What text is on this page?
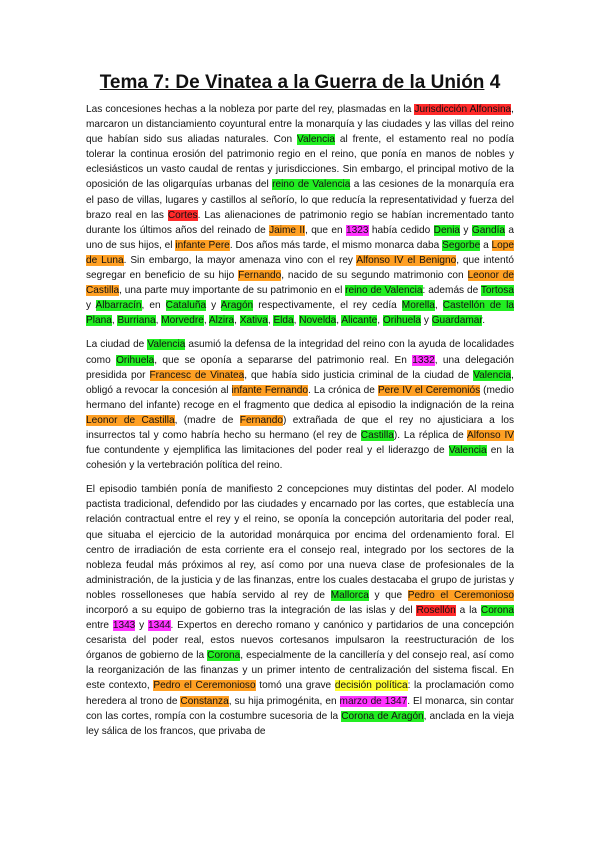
Tema 7: De Vinatea a la Guerra de la Unión 4

Las concesiones hechas a la nobleza por parte del rey, plasmadas en la Jurisdicción Alfonsina, marcaron un distanciamiento coyuntural entre la monarquía y las ciudades y las villas del reino que habían sido sus aliadas naturales. Con Valencia al frente, el estamento real no podía tolerar la continua erosión del patrimonio regio en el reino, que ponía en manos de nobles y eclesiásticos un vasto caudal de rentas y jurisdicciones. Sin embargo, el principal motivo de la oposición de las oligarquías urbanas del reino de Valencia a las cesiones de la monarquía era el paso de villas, lugares y castillos al señorío, lo que reducía la representatividad y fuerza del brazo real en las Cortes. Las alienaciones de patrimonio regio se habían incrementado tanto durante los últimos años del reinado de Jaime II, que en 1323 había cedido Denia y Gandía a uno de sus hijos, el infante Pere. Dos años más tarde, el mismo monarca daba Segorbe a Lope de Luna. Sin embargo, la mayor amenaza vino con el rey Alfonso IV el Benigno, que intentó segregar en beneficio de su hijo Fernando, nacido de su segundo matrimonio con Leonor de Castilla, una parte muy importante de su patrimonio en el reino de Valencia: además de Tortosa y Albarracín, en Cataluña y Aragón respectivamente, el rey cedía Morella, Castellón de la Plana, Burriana, Morvedre, Alzira, Xativa, Elda, Novelda, Alicante, Orihuela y Guardamar.

La ciudad de Valencia asumió la defensa de la integridad del reino con la ayuda de localidades como Orihuela, que se oponía a separarse del patrimonio real. En 1332, una delegación presidida por Francesc de Vinatea, que había sido justicia criminal de la ciudad de Valencia, obligó a revocar la concesión al infante Fernando. La crónica de Pere IV el Ceremoniós (medio hermano del infante) recoge en el fragmento que dedica al episodio la indignación de la reina Leonor de Castilla, (madre de Fernando) extrañada de que el rey no ajusticiara a los insurrectos tal y como habría hecho su hermano (el rey de Castilla). La réplica de Alfonso IV fue contundente y ejemplifica las limitaciones del poder real y el liderazgo de Valencia en la cohesión y la vertebración política del reino.

El episodio también ponía de manifiesto 2 concepciones muy distintas del poder. Al modelo pactista tradicional, defendido por las ciudades y encarnado por las cortes, que establecía una relación contractual entre el rey y el reino, se oponía la concepción autoritaria del poder real, que situaba el ejercicio de la autoridad monárquica por encima del ordenamiento foral. El centro de irradiación de esta corriente era el consejo real, integrado por los sectores de la nobleza feudal más próximos al rey, así como por una nueva clase de profesionales de la administración, de la justicia y de las finanzas, entre los cuales destacaba el grupo de juristas y nobles rosselloneses que había servido al rey de Mallorca y que Pedro el Ceremonioso incorporó a su equipo de gobierno tras la integración de las islas y del Rosellón a la Corona entre 1343 y 1344. Expertos en derecho romano y canónico y partidarios de una concepción cesarista del poder real, estos nuevos cortesanos impulsaron la reestructuración de los órganos de gobierno de la Corona, especialmente de la cancillería y del consejo real, así como la reorganización de las finanzas y un primer intento de centralización del sistema fiscal. En este contexto, Pedro el Ceremonioso tomó una grave decisión política: la proclamación como heredera al trono de Constanza, su hija primogénita, en marzo de 1347. El monarca, sin contar con las cortes, rompía con la costumbre sucesoria de la Corona de Aragón, anclada en la vieja ley sálica de los francos, que privaba de
